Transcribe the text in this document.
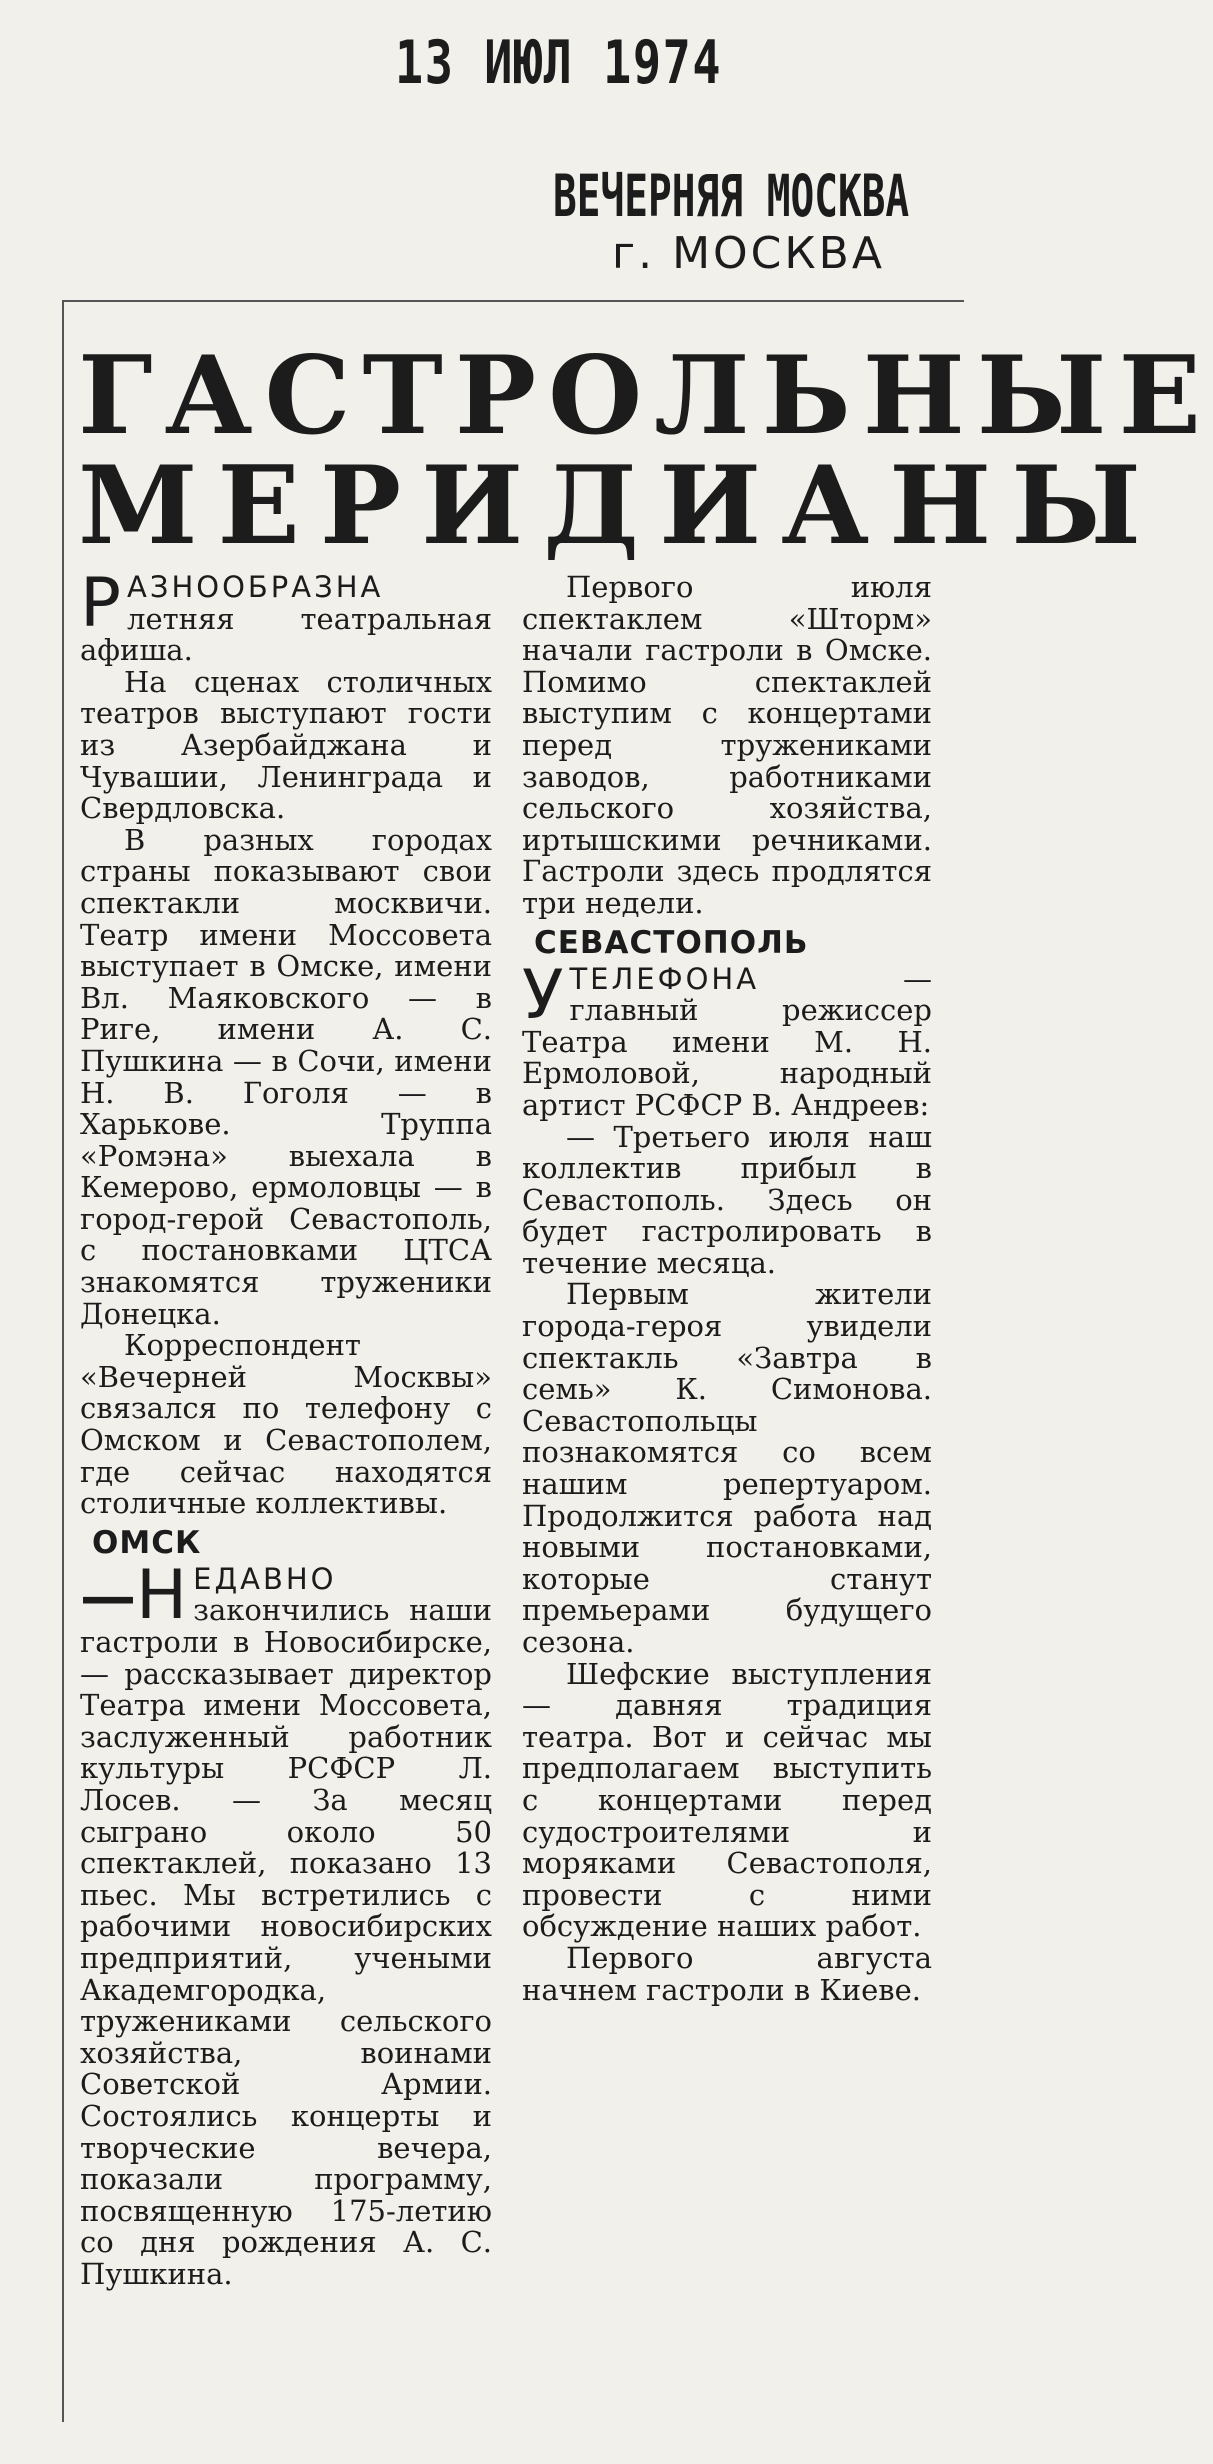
13 ИЮЛ 1974
ВЕЧЕРНЯЯ МОСКВА
г. МОСКВА
ГАСТРОЛЬНЫЕ
МЕРИДИАНЫ

РАЗНООБРАЗНА летняя театральная афиша.

На сценах столичных театров выступают гости из Азербайджана и Чувашии, Ленинграда и Свердловска.

В разных городах страны показывают свои спектакли москвичи. Театр имени Моссовета выступает в Омске, имени Вл. Маяковского — в Риге, имени А. С. Пушкина — в Сочи, имени Н. В. Гоголя — в Харькове. Труппа «Ромэна» выехала в Кемерово, ермоловцы — в город-герой Севастополь, с постановками ЦТСА знакомятся труженики Донецка.

Корреспондент «Вечерней Москвы» связался по телефону с Омском и Севастополем, где сейчас находятся столичные коллективы.

ОМСК

— Н ЕДАВНО закончились наши гастроли в Новосибирске, — рассказывает директор Театра имени Моссовета, заслуженный работник культуры РСФСР Л. Лосев. — За месяц сыграно около 50 спектаклей, показано 13 пьес. Мы встретились с рабочими новосибирских предприятий, учеными Академгородка, тружениками сельского хозяйства, воинами Советской Армии. Состоялись концерты и творческие вечера, показали программу, посвященную 175-летию со дня рождения А. С. Пушкина.

Первого июля спектаклем «Шторм» начали гастроли в Омске. Помимо спектаклей выступим с концертами перед тружениками заводов, работниками сельского хозяйства, иртышскими речниками. Гастроли здесь продлятся три недели.

СЕВАСТОПОЛЬ

УТЕЛЕФОНА — главный режиссер Театра имени М. Н. Ермоловой, народный артист РСФСР В. Андреев:

— Третьего июля наш коллектив прибыл в Севастополь. Здесь он будет гастролировать в течение месяца.

Первым жители города-героя увидели спектакль «Завтра в семь» К. Симонова. Севастопольцы познакомятся со всем нашим репертуаром. Продолжится работа над новыми постановками, которые станут премьерами будущего сезона.

Шефские выступления — давняя традиция театра. Вот и сейчас мы предполагаем выступить с концертами перед судостроителями и моряками Севастополя, провести с ними обсуждение наших работ.

Первого августа начнем гастроли в Киеве.
